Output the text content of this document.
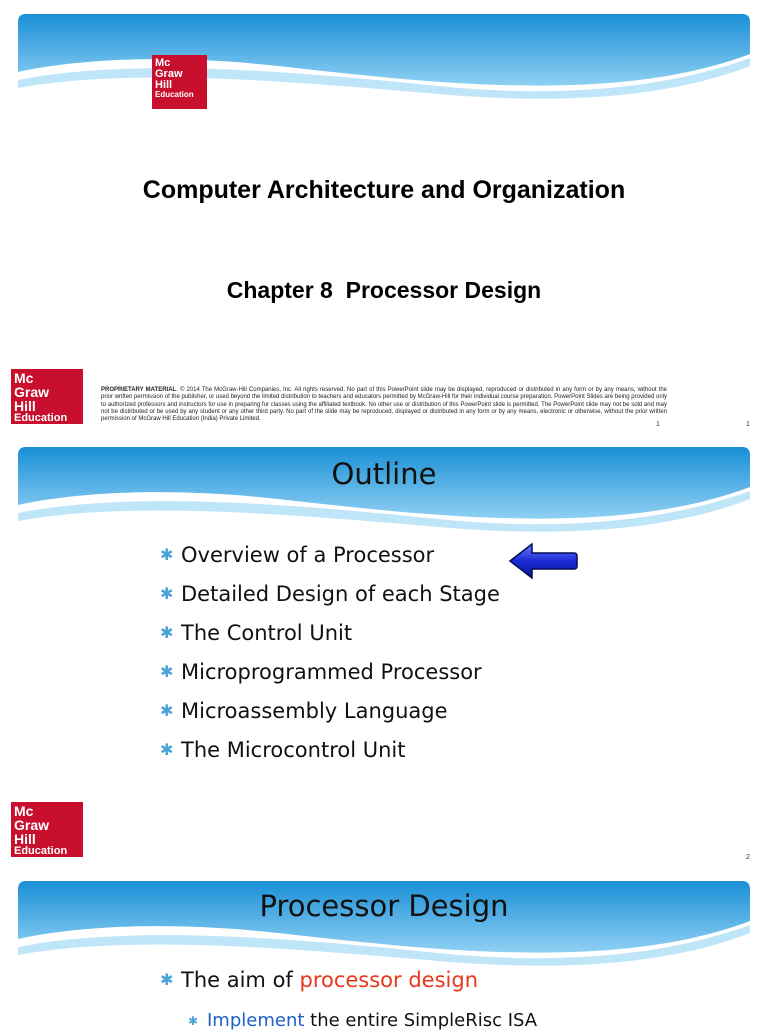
Mc
Graw
Hill
Education
Computer Architecture and Organization
Chapter 8  Processor Design
Mc
Graw
Hill
Education
PROPRIETARY MATERIAL. © 2014 The McGraw-Hill Companies, Inc. All rights reserved. No part of this PowerPoint slide may be displayed, reproduced or distributed in any form or by any means, without the prior written permission of the publisher, or used beyond the limited distribution to teachers and educators permitted by McGraw-Hill for their individual course preparation. PowerPoint Slides are being provided only to authorized professors and instructors for use in preparing for classes using the affiliated textbook. No other use or distribution of this PowerPoint slide is permitted. The PowerPoint slide may not be sold and may not be distributed or be used by any student or any other third party. No part of the slide may be reproduced, displayed or distributed in any form or by any means, electronic or otherwise, without the prior written permission of McGraw Hill Education (India) Private Limited.
1	1
Outline
✱ Overview of a Processor
✱ Detailed Design of each Stage
✱ The Control Unit
✱ Microprogrammed Processor
✱ Microassembly Language
✱ The Microcontrol Unit
Mc
Graw
Hill
Education
2
Processor Design
✱ The aim of processor design
✱ Implement the entire SimpleRisc ISA
